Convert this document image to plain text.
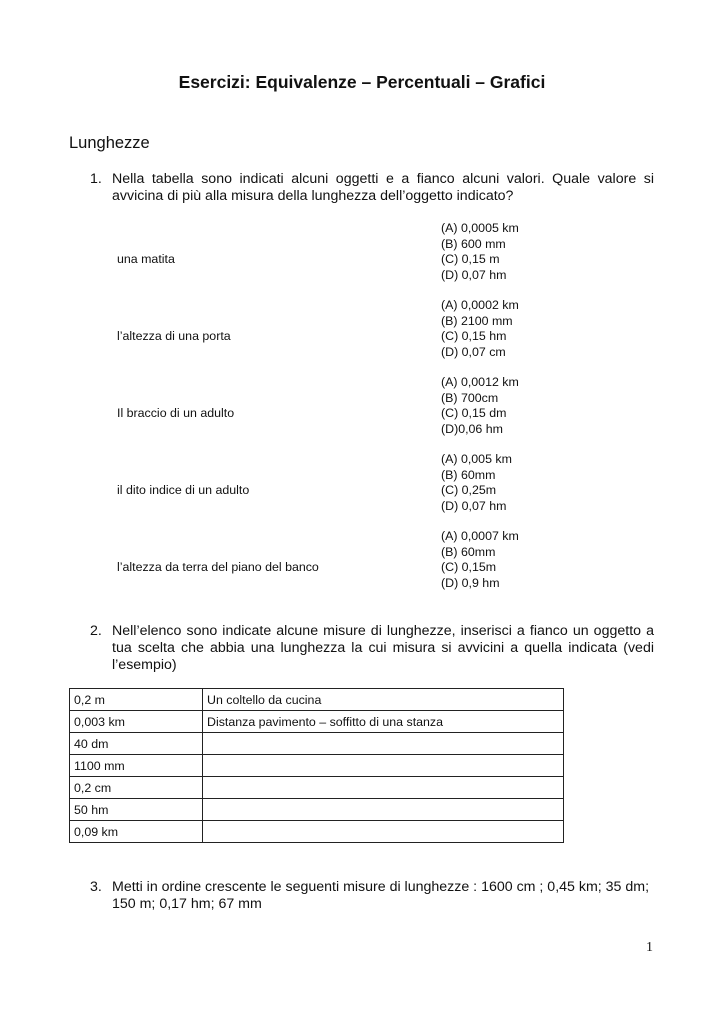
Esercizi: Equivalenze – Percentuali – Grafici
Lunghezze
1. Nella tabella sono indicati alcuni oggetti e a fianco alcuni valori. Quale valore si avvicina di più alla misura della lunghezza dell’oggetto indicato?
una matita
(A) 0,0005 km
(B) 600 mm
(C) 0,15 m
(D) 0,07 hm
l’altezza di una porta
(A) 0,0002 km
(B) 2100 mm
(C) 0,15 hm
(D) 0,07 cm
Il braccio di un adulto
(A) 0,0012 km
(B) 700cm
(C) 0,15 dm
(D)0,06 hm
il dito indice di un adulto
(A) 0,005 km
(B) 60mm
(C) 0,25m
(D) 0,07 hm
l’altezza da terra del piano del banco
(A) 0,0007 km
(B) 60mm
(C) 0,15m
(D) 0,9 hm
2. Nell’elenco sono indicate alcune misure di lunghezze, inserisci a fianco un oggetto a tua scelta che abbia una lunghezza la cui misura si avvicini a quella indicata (vedi l’esempio)
0,2 m	Un coltello da cucina
0,003 km	Distanza pavimento – soffitto di una stanza
40 dm	
1100 mm	
0,2 cm	
50 hm	
0,09 km	
3. Metti in ordine crescente le seguenti misure di lunghezze : 1600 cm ; 0,45 km; 35 dm; 150 m; 0,17 hm; 67 mm
1
